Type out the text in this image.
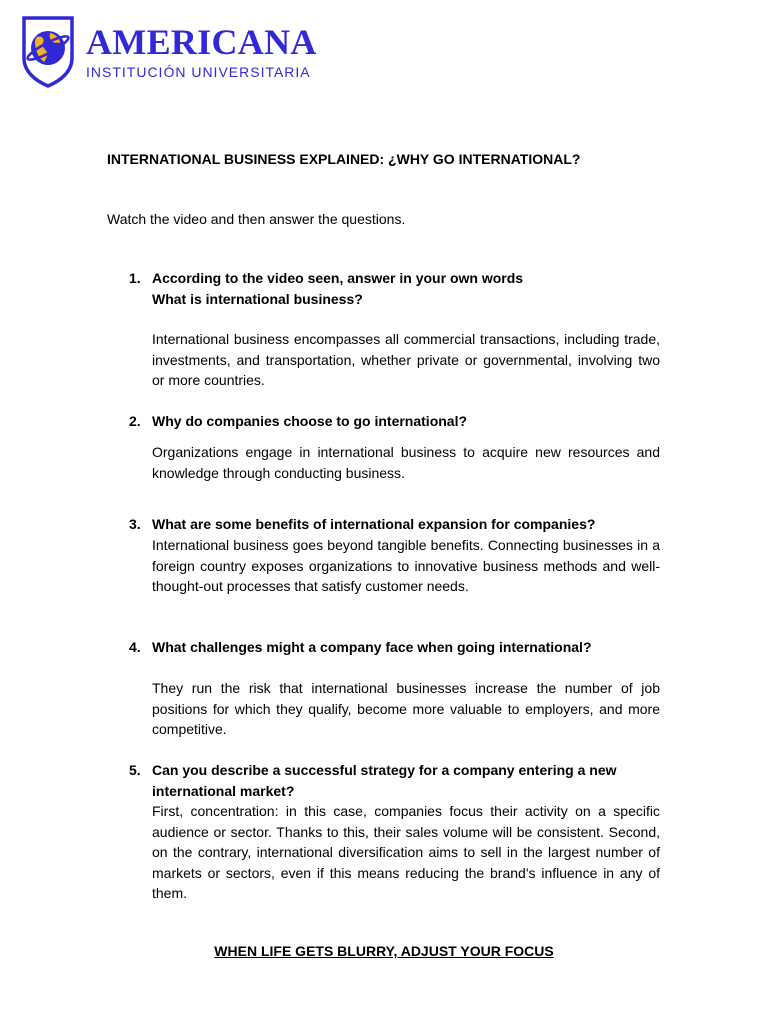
AMERICANA
INSTITUCIÓN UNIVERSITARIA
INTERNATIONAL BUSINESS EXPLAINED: ¿WHY GO INTERNATIONAL?
Watch the video and then answer the questions.
1. According to the video seen, answer in your own words
What is international business?
International business encompasses all commercial transactions, including trade, investments, and transportation, whether private or governmental, involving two or more countries.
2. Why do companies choose to go international?
Organizations engage in international business to acquire new resources and knowledge through conducting business.
3. What are some benefits of international expansion for companies?
International business goes beyond tangible benefits. Connecting businesses in a foreign country exposes organizations to innovative business methods and well-thought-out processes that satisfy customer needs.
4. What challenges might a company face when going international?
They run the risk that international businesses increase the number of job positions for which they qualify, become more valuable to employers, and more competitive.
5. Can you describe a successful strategy for a company entering a new international market?
First, concentration: in this case, companies focus their activity on a specific audience or sector. Thanks to this, their sales volume will be consistent. Second, on the contrary, international diversification aims to sell in the largest number of markets or sectors, even if this means reducing the brand's influence in any of them.
WHEN LIFE GETS BLURRY, ADJUST YOUR FOCUS
